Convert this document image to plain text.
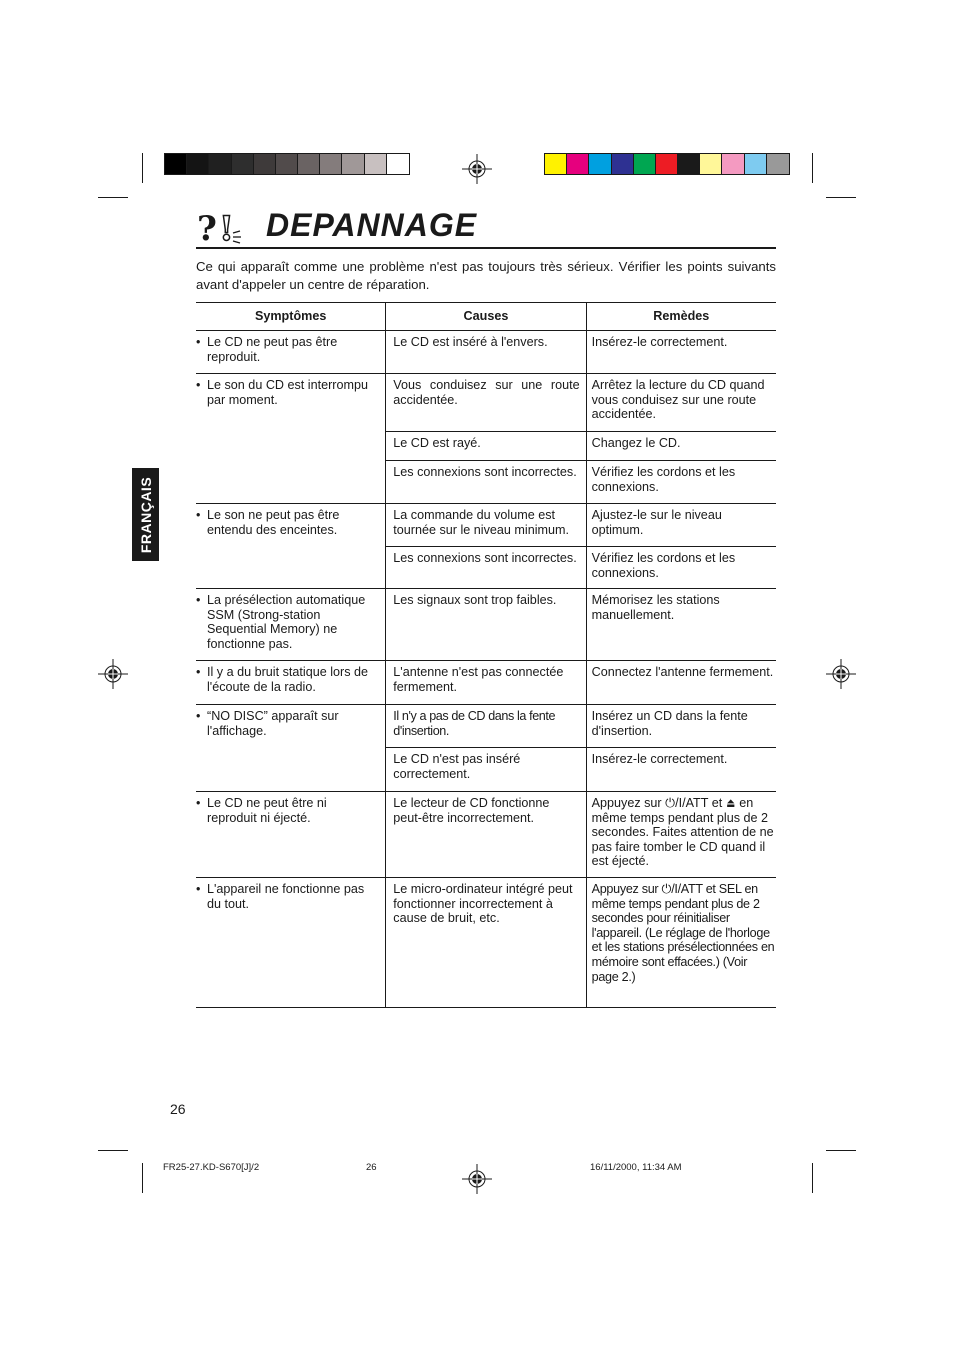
? ! DEPANNAGE
Ce qui apparaît comme une problème n'est pas toujours très sérieux. Vérifier les points suivants avant d'appeler un centre de réparation.
FRANÇAIS
Symptômes	Causes	Remèdes

• Le CD ne peut pas être reproduit.	Le CD est inséré à l'envers.	Insérez-le correctement.

• Le son du CD est interrompu par moment.	Vous conduisez sur une route accidentée.	Arrêtez la lecture du CD quand vous conduisez sur une route accidentée.
	Le CD est rayé.	Changez le CD.
	Les connexions sont incorrectes.	Vérifiez les cordons et les connexions.

• Le son ne peut pas être entendu des enceintes.	La commande du volume est tournée sur le niveau minimum.	Ajustez-le sur le niveau optimum.
	Les connexions sont incorrectes.	Vérifiez les cordons et les connexions.

• La présélection automatique SSM (Strong-station Sequential Memory) ne fonctionne pas.	Les signaux sont trop faibles.	Mémorisez les stations manuellement.

• Il y a du bruit statique lors de l'écoute de la radio.	L'antenne n'est pas connectée fermement.	Connectez l'antenne fermement.

• “NO DISC” apparaît sur l'affichage.	Il n'y a pas de CD dans la fente d'insertion.	Insérez un CD dans la fente d'insertion.
	Le CD n'est pas inséré correctement.	Insérez-le correctement.

• Le CD ne peut être ni reproduit ni éjecté.	Le lecteur de CD fonctionne peut-être incorrectement.	Appuyez sur ⏻/I/ATT et ⏏ en même temps pendant plus de 2 secondes. Faites attention de ne pas faire tomber le CD quand il est éjecté.

• L'appareil ne fonctionne pas du tout.	Le micro-ordinateur intégré peut fonctionner incorrectement à cause de bruit, etc.	Appuyez sur ⏻/I/ATT et SEL en même temps pendant plus de 2 secondes pour réinitialiser l'appareil. (Le réglage de l'horloge et les stations présélectionnées en mémoire sont effacées.) (Voir page 2.)
26
FR25-27.KD-S670[J]/2	26	16/11/2000, 11:34 AM
